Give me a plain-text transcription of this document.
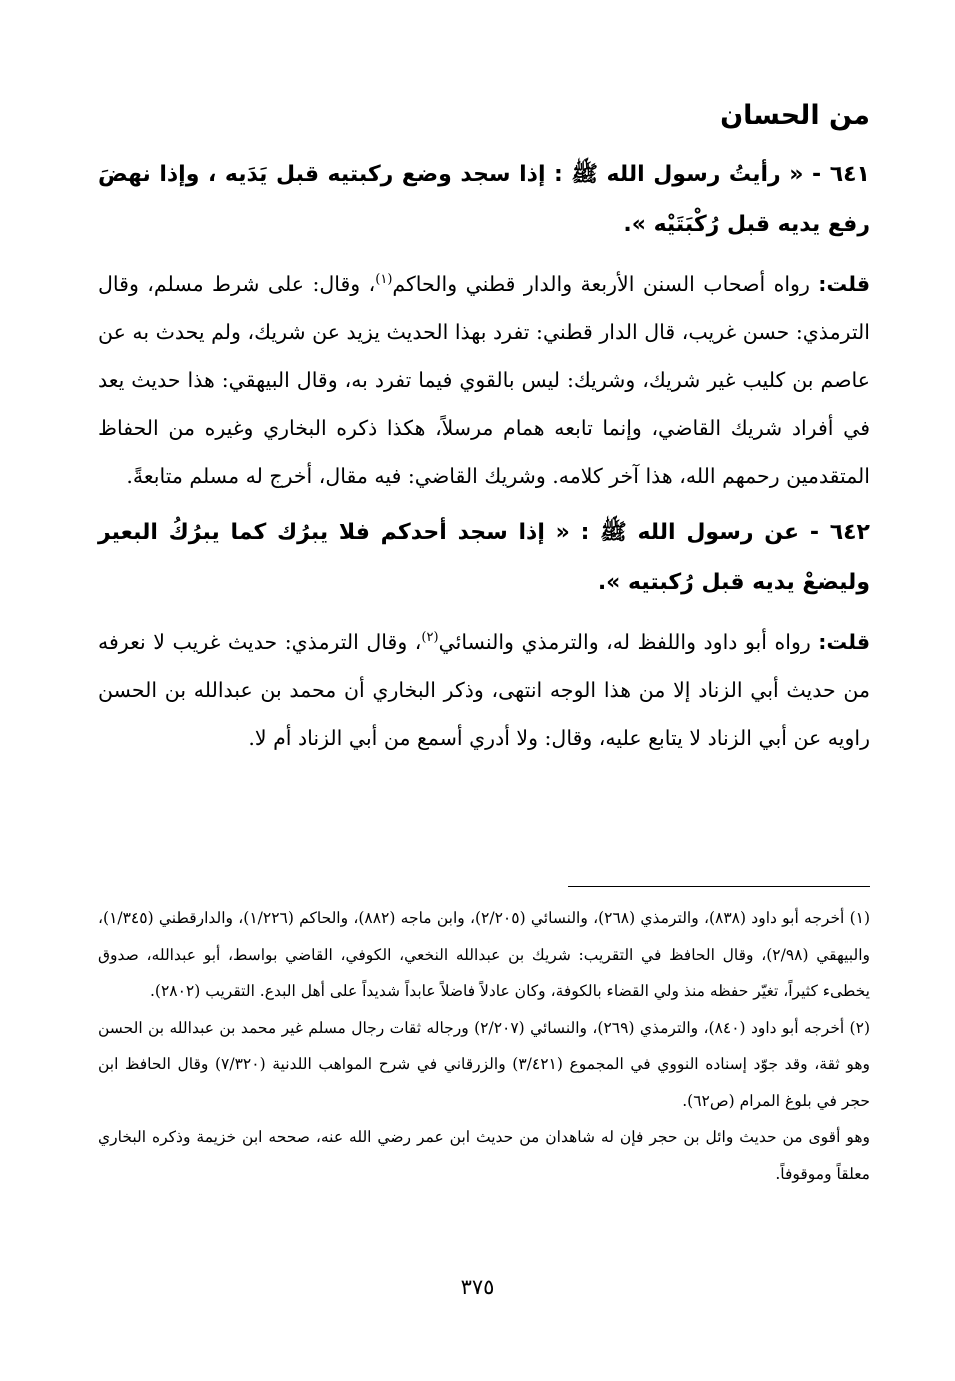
من الحسان

٦٤١ - « رأيتُ رسول الله ﷺ : إذا سجد وضع ركبتيه قبل يَدَيه ، وإذا نهضَ رفع يديه قبل رُكْبَتَيْه ».

قلت: رواه أصحاب السنن الأربعة والدار قطني والحاكم$^{(١)}$، وقال: على شرط مسلم، وقال الترمذي: حسن غريب، قال الدار قطني: تفرد بهذا الحديث يزيد عن شريك، ولم يحدث به عن عاصم بن كليب غير شريك، وشريك: ليس بالقوي فيما تفرد به، وقال البيهقي: هذا حديث يعد في أفراد شريك القاضي، وإنما تابعه همام مرسلاً، هكذا ذكره البخاري وغيره من الحفاظ المتقدمين رحمهم الله، هذا آخر كلامه. وشريك القاضي: فيه مقال، أخرج له مسلم متابعةً.

٦٤٢ - عن رسول الله ﷺ : « إذا سجد أحدكم فلا يبرُك كما يبرُكُ البعير وليضعْ يديه قبل رُكبتيه ».

قلت: رواه أبو داود واللفظ له، والترمذي والنسائي$^{(٢)}$، وقال الترمذي: حديث غريب لا نعرفه من حديث أبي الزناد إلا من هذا الوجه انتهى، وذكر البخاري أن محمد بن عبدالله بن الحسن راويه عن أبي الزناد لا يتابع عليه، وقال: ولا أدري أسمع من أبي الزناد أم لا.

(١) أخرجه أبو داود (٨٣٨)، والترمذي (٢٦٨)، والنسائي (٢/٢٠٥)، وابن ماجه (٨٨٢)، والحاكم (١/٢٢٦)، والدارقطني (١/٣٤٥)، والبيهقي (٢/٩٨)، وقال الحافظ في التقريب: شريك بن عبدالله النخعي، الكوفي، القاضي بواسط، أبو عبدالله، صدوق يخطىء كثيراً، تغيّر حفظه منذ ولي القضاء بالكوفة، وكان عادلاً فاضلاً عابداً شديداً على أهل البدع. التقريب (٢٨٠٢).

(٢) أخرجه أبو داود (٨٤٠)، والترمذي (٢٦٩)، والنسائي (٢/٢٠٧) ورجاله ثقات رجال مسلم غير محمد بن عبدالله بن الحسن وهو ثقة، وقد جوّد إسناده النووي في المجموع (٣/٤٢١) والزرقاني في شرح المواهب اللدنية (٧/٣٢٠) وقال الحافظ ابن حجر في بلوغ المرام (ص٦٢).

وهو أقوى من حديث وائل بن حجر فإن له شاهدان من حديث ابن عمر رضي الله عنه، صححه ابن خزيمة وذكره البخاري معلقاً وموقوفاً.

٣٧٥
